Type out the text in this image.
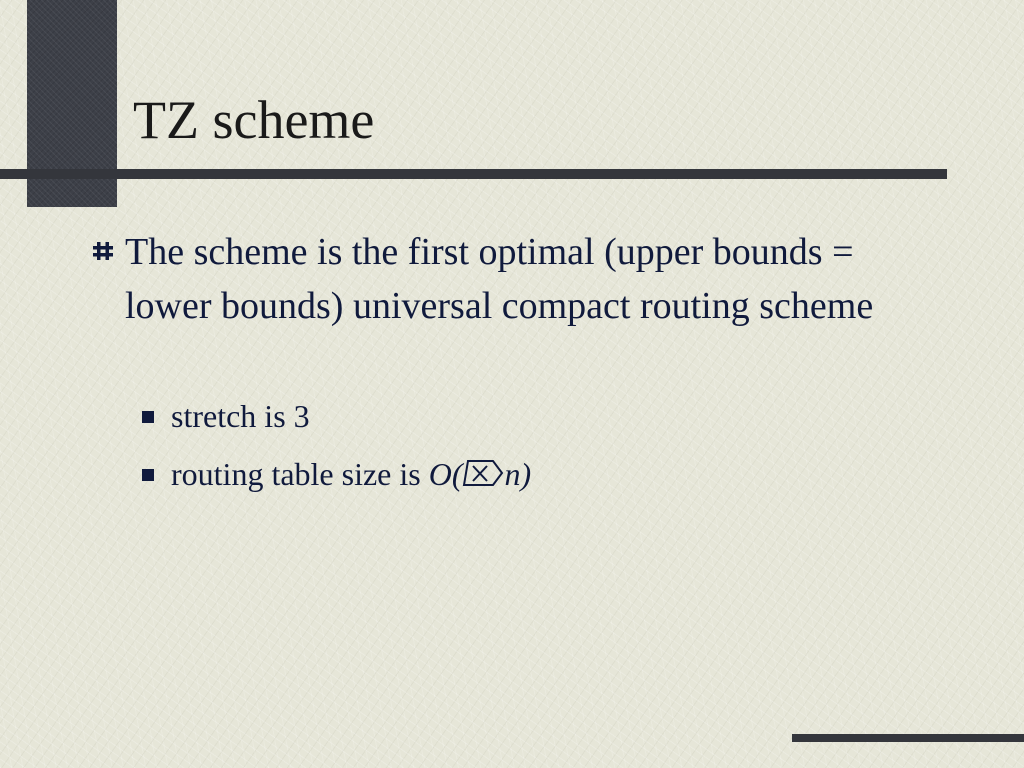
TZ scheme
The scheme is the first optimal (upper bounds = lower bounds) universal compact routing scheme
stretch is 3
routing table size is O( n)
